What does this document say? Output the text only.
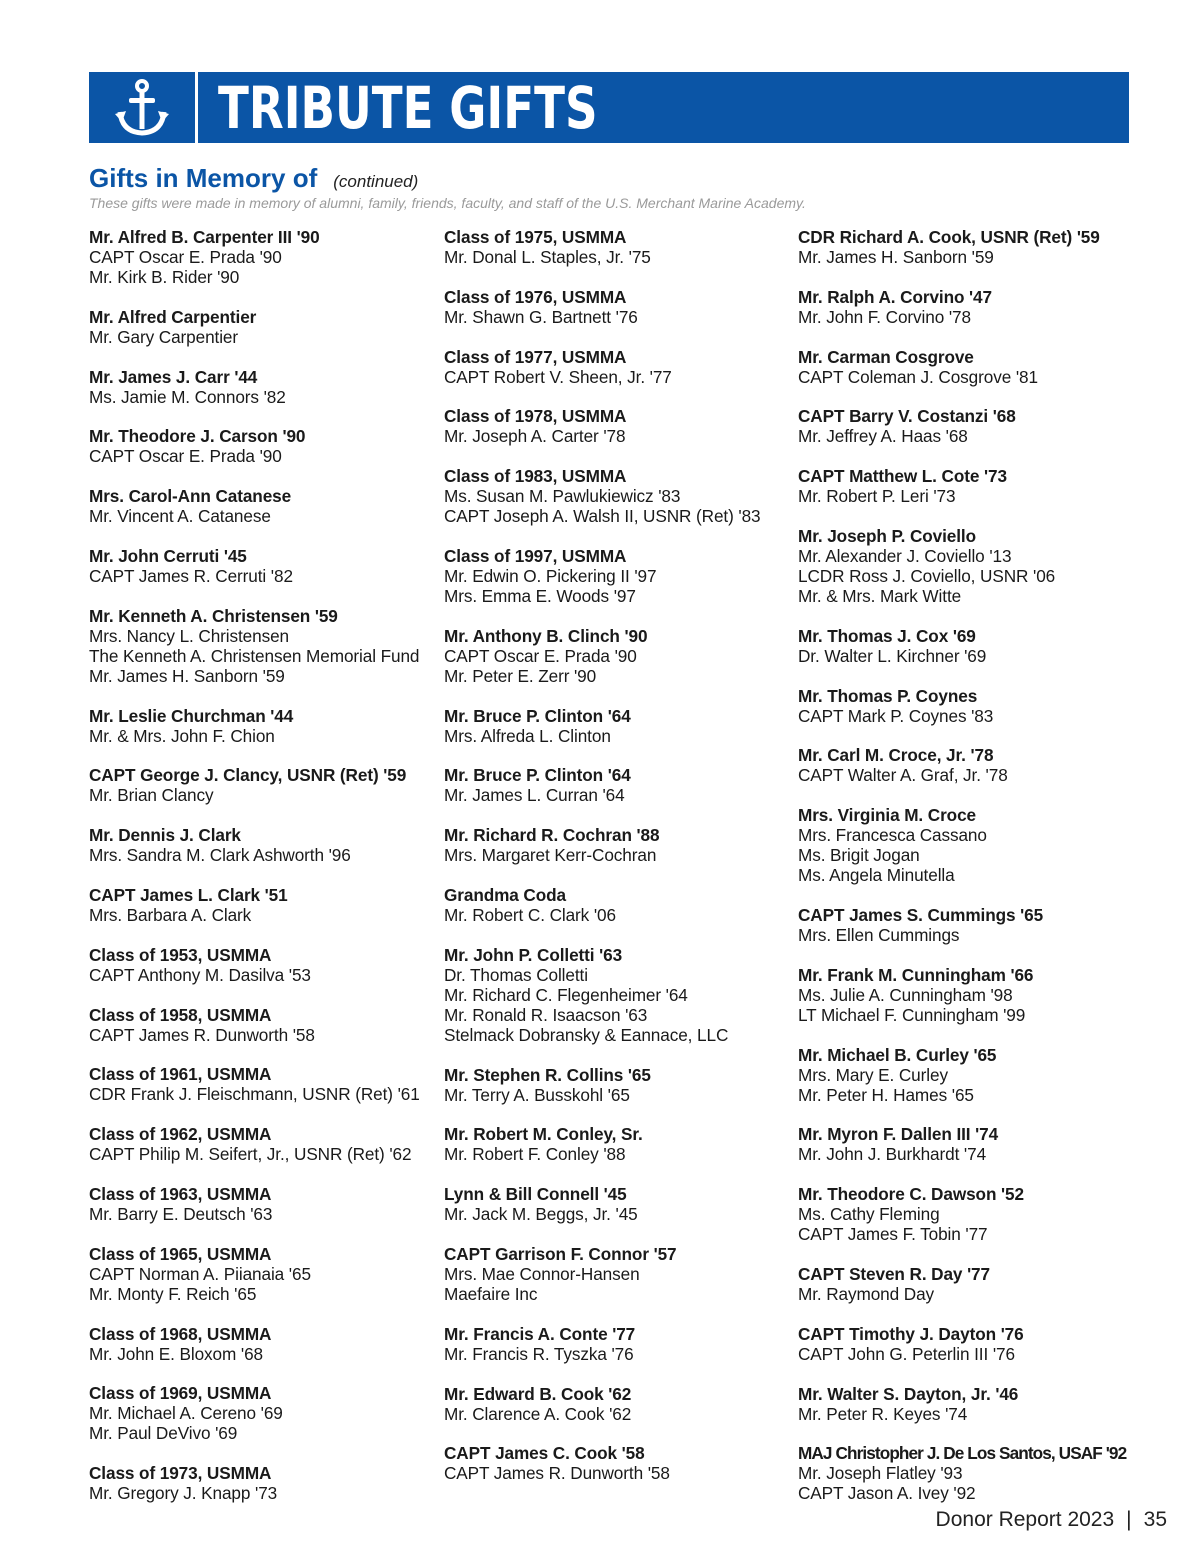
TRIBUTE GIFTS
Gifts in Memory of (continued)
These gifts were made in memory of alumni, family, friends, faculty, and staff of the U.S. Merchant Marine Academy.
Mr. Alfred B. Carpenter III '90
CAPT Oscar E. Prada '90
Mr. Kirk B. Rider '90
Mr. Alfred Carpentier
Mr. Gary Carpentier
Mr. James J. Carr '44
Ms. Jamie M. Connors '82
Mr. Theodore J. Carson '90
CAPT Oscar E. Prada '90
Mrs. Carol-Ann Catanese
Mr. Vincent A. Catanese
Mr. John Cerruti '45
CAPT James R. Cerruti '82
Mr. Kenneth A. Christensen '59
Mrs. Nancy L. Christensen
The Kenneth A. Christensen Memorial Fund
Mr. James H. Sanborn '59
Mr. Leslie Churchman '44
Mr. & Mrs. John F. Chion
CAPT George J. Clancy, USNR (Ret) '59
Mr. Brian Clancy
Mr. Dennis J. Clark
Mrs. Sandra M. Clark Ashworth '96
CAPT James L. Clark '51
Mrs. Barbara A. Clark
Class of 1953, USMMA
CAPT Anthony M. Dasilva '53
Class of 1958, USMMA
CAPT James R. Dunworth '58
Class of 1961, USMMA
CDR Frank J. Fleischmann, USNR (Ret) '61
Class of 1962, USMMA
CAPT Philip M. Seifert, Jr., USNR (Ret) '62
Class of 1963, USMMA
Mr. Barry E. Deutsch '63
Class of 1965, USMMA
CAPT Norman A. Piianaia '65
Mr. Monty F. Reich '65
Class of 1968, USMMA
Mr. John E. Bloxom '68
Class of 1969, USMMA
Mr. Michael A. Cereno '69
Mr. Paul DeVivo '69
Class of 1973, USMMA
Mr. Gregory J. Knapp '73
Class of 1975, USMMA
Mr. Donal L. Staples, Jr. '75
Class of 1976, USMMA
Mr. Shawn G. Bartnett '76
Class of 1977, USMMA
CAPT Robert V. Sheen, Jr. '77
Class of 1978, USMMA
Mr. Joseph A. Carter '78
Class of 1983, USMMA
Ms. Susan M. Pawlukiewicz '83
CAPT Joseph A. Walsh II, USNR (Ret) '83
Class of 1997, USMMA
Mr. Edwin O. Pickering II '97
Mrs. Emma E. Woods '97
Mr. Anthony B. Clinch '90
CAPT Oscar E. Prada '90
Mr. Peter E. Zerr '90
Mr. Bruce P. Clinton '64
Mrs. Alfreda L. Clinton
Mr. Bruce P. Clinton '64
Mr. James L. Curran '64
Mr. Richard R. Cochran '88
Mrs. Margaret Kerr-Cochran
Grandma Coda
Mr. Robert C. Clark '06
Mr. John P. Colletti '63
Dr. Thomas Colletti
Mr. Richard C. Flegenheimer '64
Mr. Ronald R. Isaacson '63
Stelmack Dobransky & Eannace, LLC
Mr. Stephen R. Collins '65
Mr. Terry A. Busskohl '65
Mr. Robert M. Conley, Sr.
Mr. Robert F. Conley '88
Lynn & Bill Connell '45
Mr. Jack M. Beggs, Jr. '45
CAPT Garrison F. Connor '57
Mrs. Mae Connor-Hansen
Maefaire Inc
Mr. Francis A. Conte '77
Mr. Francis R. Tyszka '76
Mr. Edward B. Cook '62
Mr. Clarence A. Cook '62
CAPT James C. Cook '58
CAPT James R. Dunworth '58
CDR Richard A. Cook, USNR (Ret) '59
Mr. James H. Sanborn '59
Mr. Ralph A. Corvino '47
Mr. John F. Corvino '78
Mr. Carman Cosgrove
CAPT Coleman J. Cosgrove '81
CAPT Barry V. Costanzi '68
Mr. Jeffrey A. Haas '68
CAPT Matthew L. Cote '73
Mr. Robert P. Leri '73
Mr. Joseph P. Coviello
Mr. Alexander J. Coviello '13
LCDR Ross J. Coviello, USNR '06
Mr. & Mrs. Mark Witte
Mr. Thomas J. Cox '69
Dr. Walter L. Kirchner '69
Mr. Thomas P. Coynes
CAPT Mark P. Coynes '83
Mr. Carl M. Croce, Jr. '78
CAPT Walter A. Graf, Jr. '78
Mrs. Virginia M. Croce
Mrs. Francesca Cassano
Ms. Brigit Jogan
Ms. Angela Minutella
CAPT James S. Cummings '65
Mrs. Ellen Cummings
Mr. Frank M. Cunningham '66
Ms. Julie A. Cunningham '98
LT Michael F. Cunningham '99
Mr. Michael B. Curley '65
Mrs. Mary E. Curley
Mr. Peter H. Hames '65
Mr. Myron F. Dallen III '74
Mr. John J. Burkhardt '74
Mr. Theodore C. Dawson '52
Ms. Cathy Fleming
CAPT James F. Tobin '77
CAPT Steven R. Day '77
Mr. Raymond Day
CAPT Timothy J. Dayton '76
CAPT John G. Peterlin III '76
Mr. Walter S. Dayton, Jr. '46
Mr. Peter R. Keyes '74
MAJ Christopher J. De Los Santos, USAF '92
Mr. Joseph Flatley '93
CAPT Jason A. Ivey '92
Donor Report 2023 | 35
